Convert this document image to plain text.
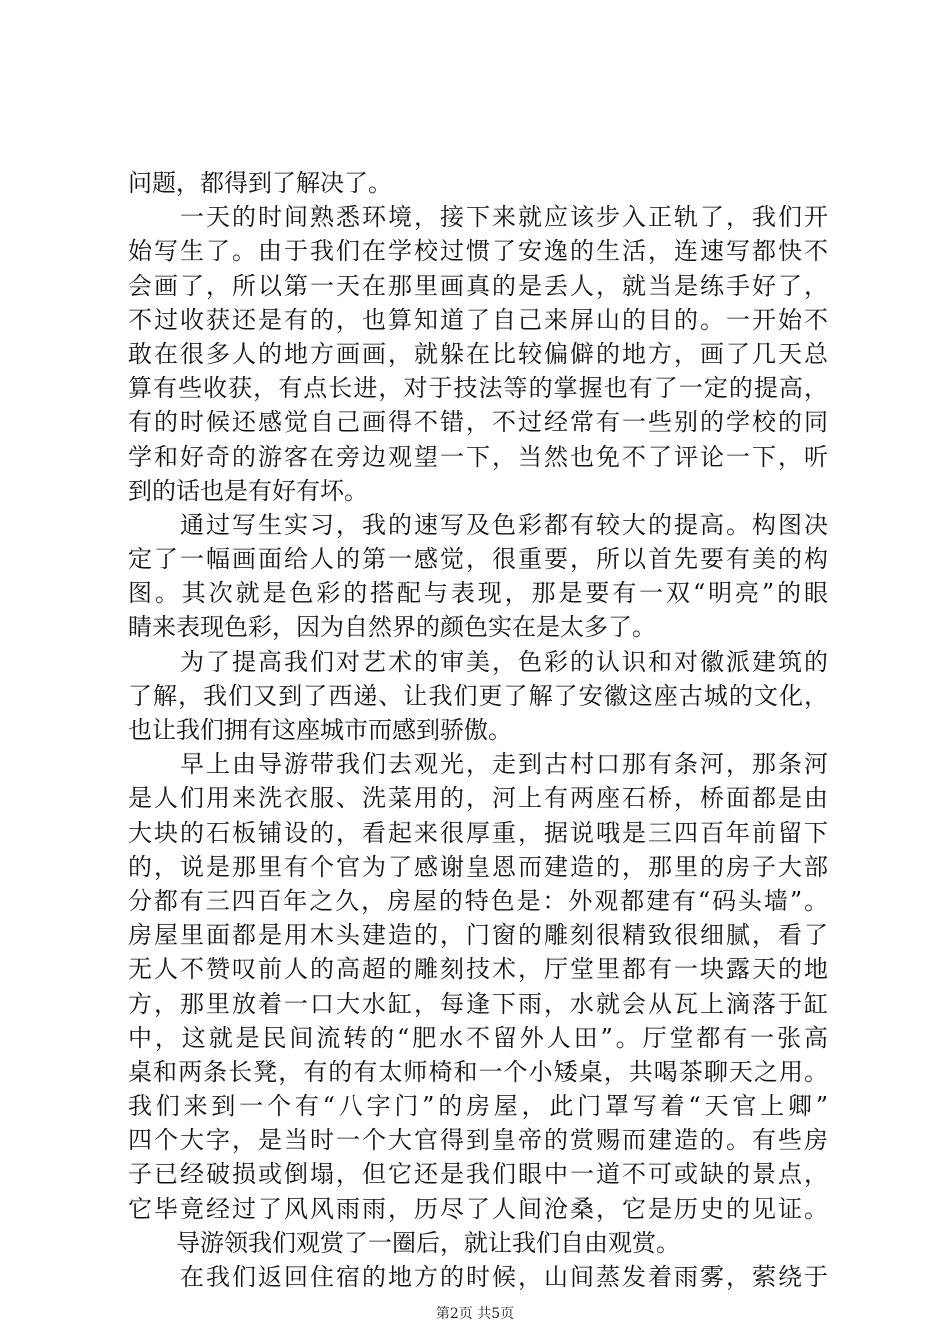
问题，都得到了解决了。
　　一天的时间熟悉环境，接下来就应该步入正轨了，我们开
始写生了。由于我们在学校过惯了安逸的生活，连速写都快不
会画了，所以第一天在那里画真的是丢人，就当是练手好了，
不过收获还是有的，也算知道了自己来屏山的目的。一开始不
敢在很多人的地方画画，就躲在比较偏僻的地方，画了几天总
算有些收获，有点长进，对于技法等的掌握也有了一定的提高，
有的时候还感觉自己画得不错，不过经常有一些别的学校的同
学和好奇的游客在旁边观望一下，当然也免不了评论一下，听
到的话也是有好有坏。
　　通过写生实习，我的速写及色彩都有较大的提高。构图决
定了一幅画面给人的第一感觉，很重要，所以首先要有美的构
图。其次就是色彩的搭配与表现，那是要有一双“明亮”的眼
睛来表现色彩，因为自然界的颜色实在是太多了。
　　为了提高我们对艺术的审美，色彩的认识和对徽派建筑的
了解，我们又到了西递、让我们更了解了安徽这座古城的文化，
也让我们拥有这座城市而感到骄傲。
　　早上由导游带我们去观光，走到古村口那有条河，那条河
是人们用来洗衣服、洗菜用的，河上有两座石桥，桥面都是由
大块的石板铺设的，看起来很厚重，据说哦是三四百年前留下
的，说是那里有个官为了感谢皇恩而建造的，那里的房子大部
分都有三四百年之久，房屋的特色是：外观都建有“码头墙”。
房屋里面都是用木头建造的，门窗的雕刻很精致很细腻，看了
无人不赞叹前人的高超的雕刻技术，厅堂里都有一块露天的地
方，那里放着一口大水缸，每逢下雨，水就会从瓦上滴落于缸
中，这就是民间流转的“肥水不留外人田”。厅堂都有一张高
桌和两条长凳，有的有太师椅和一个小矮桌，共喝茶聊天之用。
我们来到一个有“八字门”的房屋，此门罩写着“天官上卿”
四个大字，是当时一个大官得到皇帝的赏赐而建造的。有些房
子已经破损或倒塌，但它还是我们眼中一道不可或缺的景点，
它毕竟经过了风风雨雨，历尽了人间沧桑，它是历史的见证。
　　导游领我们观赏了一圈后，就让我们自由观赏。
　　在我们返回住宿的地方的时候，山间蒸发着雨雾，萦绕于
第2页 共5页
